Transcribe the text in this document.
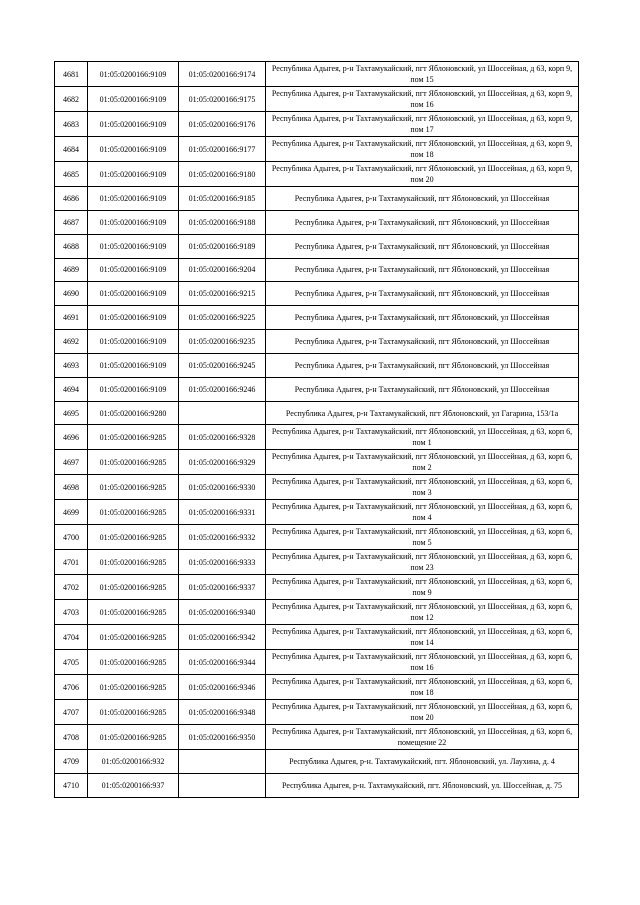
4681	01:05:0200166:9109	01:05:0200166:9174	Республика Адыгея, р-н Тахтамукайский, пгт Яблоновский, ул Шоссейная, д 63, корп 9, пом 15
4682	01:05:0200166:9109	01:05:0200166:9175	Республика Адыгея, р-н Тахтамукайский, пгт Яблоновский, ул Шоссейная, д 63, корп 9, пом 16
4683	01:05:0200166:9109	01:05:0200166:9176	Республика Адыгея, р-н Тахтамукайский, пгт Яблоновский, ул Шоссейная, д 63, корп 9, пом 17
4684	01:05:0200166:9109	01:05:0200166:9177	Республика Адыгея, р-н Тахтамукайский, пгт Яблоновский, ул Шоссейная, д 63, корп 9, пом 18
4685	01:05:0200166:9109	01:05:0200166:9180	Республика Адыгея, р-н Тахтамукайский, пгт Яблоновский, ул Шоссейная, д 63, корп 9, пом 20
4686	01:05:0200166:9109	01:05:0200166:9185	Республика Адыгея, р-н Тахтамукайский, пгт Яблоновский, ул Шоссейная
4687	01:05:0200166:9109	01:05:0200166:9188	Республика Адыгея, р-н Тахтамукайский, пгт Яблоновский, ул Шоссейная
4688	01:05:0200166:9109	01:05:0200166:9189	Республика Адыгея, р-н Тахтамукайский, пгт Яблоновский, ул Шоссейная
4689	01:05:0200166:9109	01:05:0200166:9204	Республика Адыгея, р-н Тахтамукайский, пгт Яблоновский, ул Шоссейная
4690	01:05:0200166:9109	01:05:0200166:9215	Республика Адыгея, р-н Тахтамукайский, пгт Яблоновский, ул Шоссейная
4691	01:05:0200166:9109	01:05:0200166:9225	Республика Адыгея, р-н Тахтамукайский, пгт Яблоновский, ул Шоссейная
4692	01:05:0200166:9109	01:05:0200166:9235	Республика Адыгея, р-н Тахтамукайский, пгт Яблоновский, ул Шоссейная
4693	01:05:0200166:9109	01:05:0200166:9245	Республика Адыгея, р-н Тахтамукайский, пгт Яблоновский, ул Шоссейная
4694	01:05:0200166:9109	01:05:0200166:9246	Республика Адыгея, р-н Тахтамукайский, пгт Яблоновский, ул Шоссейная
4695	01:05:0200166:9280		Республика Адыгея, р-н Тахтамукайский, пгт Яблоновский, ул Гагарина, 153/1а
4696	01:05:0200166:9285	01:05:0200166:9328	Республика Адыгея, р-н Тахтамукайский, пгт Яблоновский, ул Шоссейная, д 63, корп 6, пом 1
4697	01:05:0200166:9285	01:05:0200166:9329	Республика Адыгея, р-н Тахтамукайский, пгт Яблоновский, ул Шоссейная, д 63, корп 6, пом 2
4698	01:05:0200166:9285	01:05:0200166:9330	Республика Адыгея, р-н Тахтамукайский, пгт Яблоновский, ул Шоссейная, д 63, корп 6, пом 3
4699	01:05:0200166:9285	01:05:0200166:9331	Республика Адыгея, р-н Тахтамукайский, пгт Яблоновский, ул Шоссейная, д 63, корп 6, пом 4
4700	01:05:0200166:9285	01:05:0200166:9332	Республика Адыгея, р-н Тахтамукайский, пгт Яблоновский, ул Шоссейная, д 63, корп 6, пом 5
4701	01:05:0200166:9285	01:05:0200166:9333	Республика Адыгея, р-н Тахтамукайский, пгт Яблоновский, ул Шоссейная, д 63, корп 6, пом 23
4702	01:05:0200166:9285	01:05:0200166:9337	Республика Адыгея, р-н Тахтамукайский, пгт Яблоновский, ул Шоссейная, д 63, корп 6, пом 9
4703	01:05:0200166:9285	01:05:0200166:9340	Республика Адыгея, р-н Тахтамукайский, пгт Яблоновский, ул Шоссейная, д 63, корп 6, пом 12
4704	01:05:0200166:9285	01:05:0200166:9342	Республика Адыгея, р-н Тахтамукайский, пгт Яблоновский, ул Шоссейная, д 63, корп 6, пом 14
4705	01:05:0200166:9285	01:05:0200166:9344	Республика Адыгея, р-н Тахтамукайский, пгт Яблоновский, ул Шоссейная, д 63, корп 6, пом 16
4706	01:05:0200166:9285	01:05:0200166:9346	Республика Адыгея, р-н Тахтамукайский, пгт Яблоновский, ул Шоссейная, д 63, корп 6, пом 18
4707	01:05:0200166:9285	01:05:0200166:9348	Республика Адыгея, р-н Тахтамукайский, пгт Яблоновский, ул Шоссейная, д 63, корп 6, пом 20
4708	01:05:0200166:9285	01:05:0200166:9350	Республика Адыгея, р-н Тахтамукайский, пгт Яблоновский, ул Шоссейная, д 63, корп 6, помещение 22
4709	01:05:0200166:932		Республика Адыгея, р-н. Тахтамукайский, пгт. Яблоновский, ул. Лаухина, д. 4
4710	01:05:0200166:937		Республика Адыгея, р-н. Тахтамукайский, пгт. Яблоновский, ул. Шоссейная, д. 75
